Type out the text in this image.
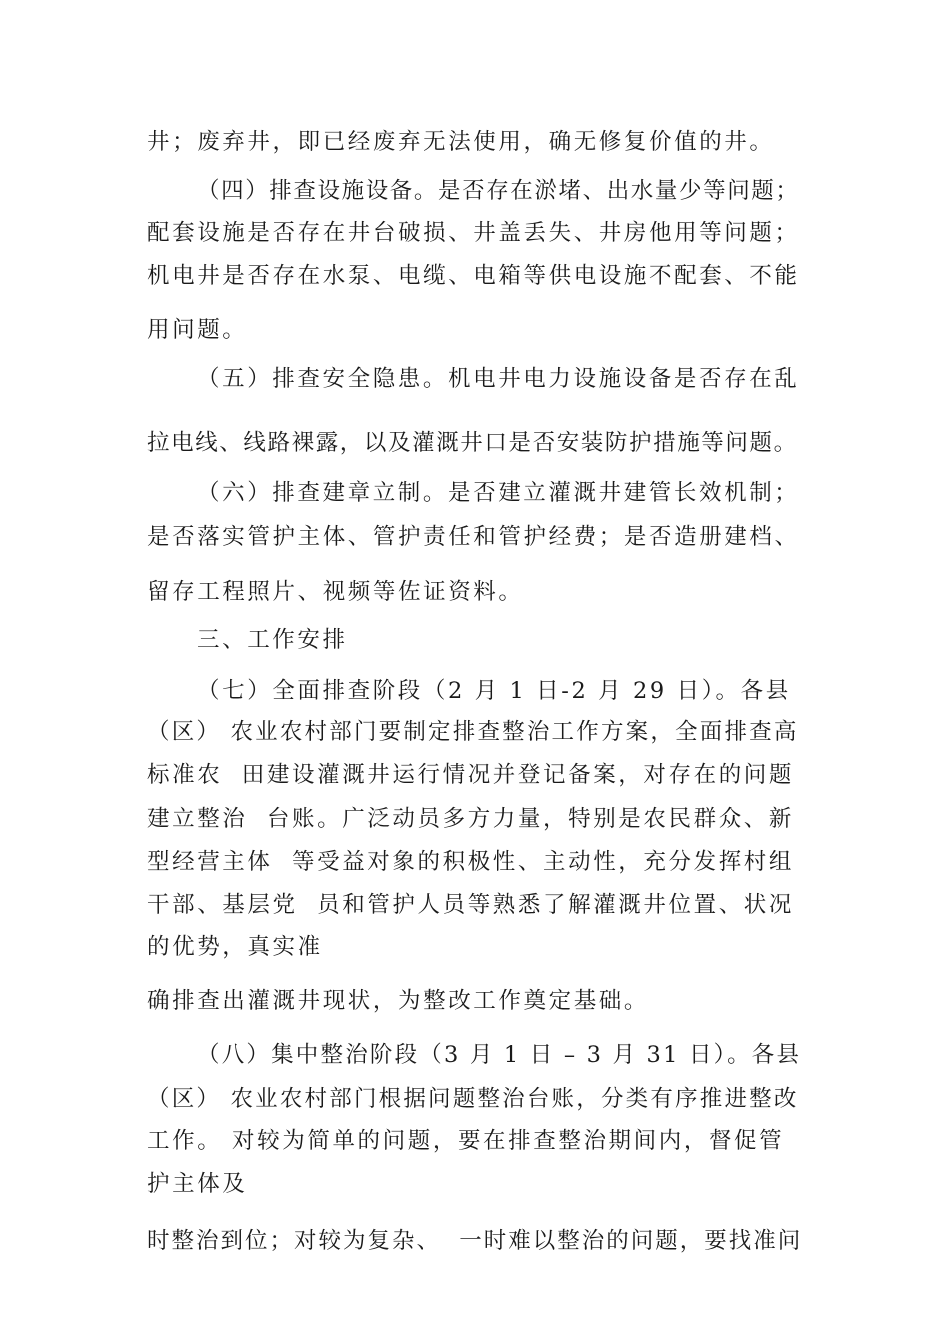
井；废弃井，即已经废弃无法使用，确无修复价值的井。
（四）排查设施设备。是否存在淤堵、出水量少等问题；
配套设施是否存在井台破损、井盖丢失、井房他用等问题；
机电井是否存在水泵、电缆、电箱等供电设施不配套、不能
用问题。
（五）排查安全隐患。机电井电力设施设备是否存在乱
拉电线、线路裸露，以及灌溉井口是否安装防护措施等问题。
（六）排查建章立制。是否建立灌溉井建管长效机制；
是否落实管护主体、管护责任和管护经费；是否造册建档、
留存工程照片、视频等佐证资料。
三、工作安排
（七）全面排查阶段（2 月 1 日-2 月 29 日）。各县
（区） 农业农村部门要制定排查整治工作方案，全面排查高
标准农  田建设灌溉井运行情况并登记备案，对存在的问题
建立整治  台账。广泛动员多方力量，特别是农民群众、新
型经营主体  等受益对象的积极性、主动性，充分发挥村组
干部、基层党  员和管护人员等熟悉了解灌溉井位置、状况
的优势，真实准
确排查出灌溉井现状，为整改工作奠定基础。
（八）集中整治阶段（3 月 1 日 – 3 月 31 日）。各县
（区） 农业农村部门根据问题整治台账，分类有序推进整改
工作。 对较为简单的问题，要在排查整治期间内，督促管
护主体及
时整治到位；对较为复杂、  一时难以整治的问题，要找准问
